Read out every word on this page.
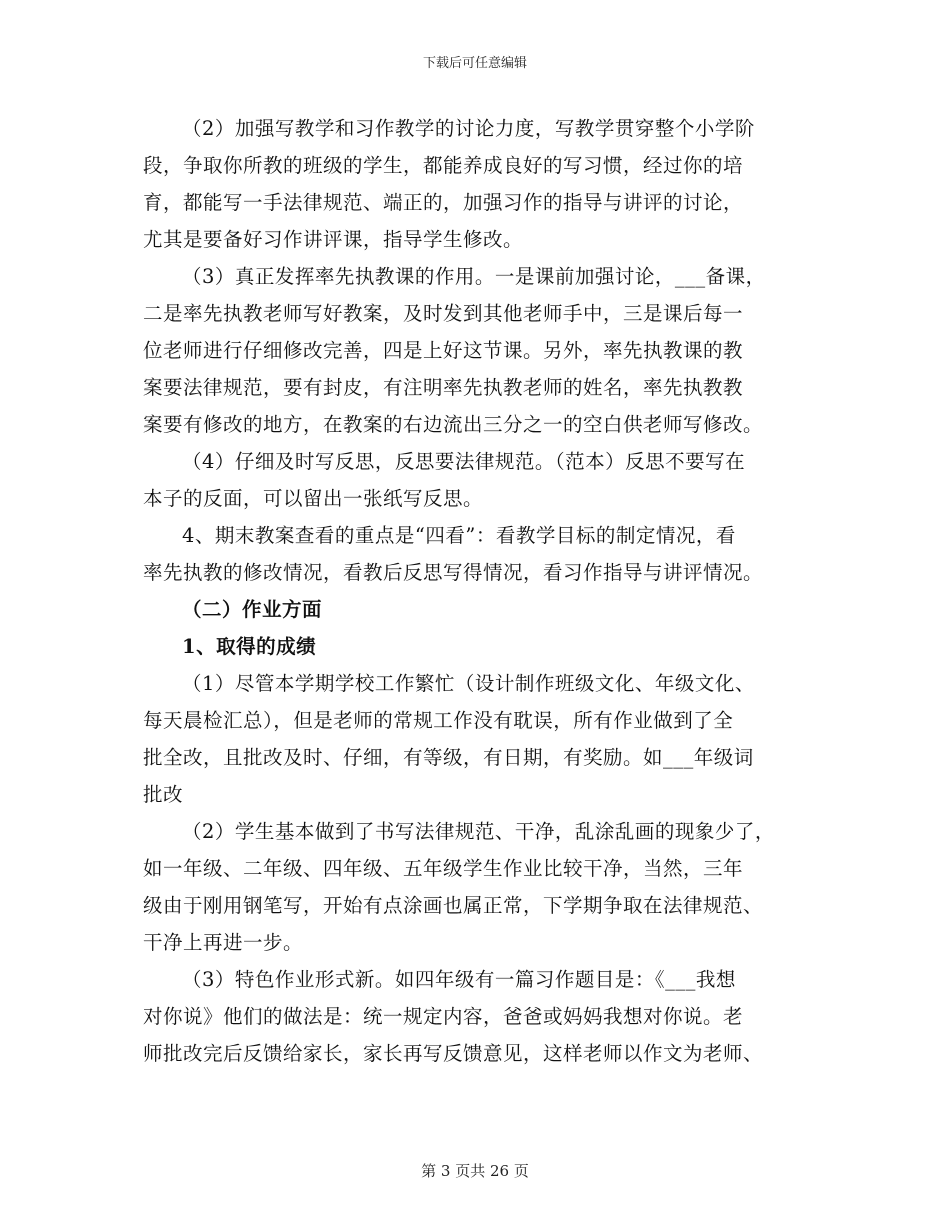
下载后可任意编辑
（2）加强写教学和习作教学的讨论力度，写教学贯穿整个小学阶
段，争取你所教的班级的学生，都能养成良好的写习惯，经过你的培
育，都能写一手法律规范、端正的，加强习作的指导与讲评的讨论，
尤其是要备好习作讲评课，指导学生修改。
（3）真正发挥率先执教课的作用。一是课前加强讨论，___备课，
二是率先执教老师写好教案，及时发到其他老师手中，三是课后每一
位老师进行仔细修改完善，四是上好这节课。另外，率先执教课的教
案要法律规范，要有封皮，有注明率先执教老师的姓名，率先执教教
案要有修改的地方，在教案的右边流出三分之一的空白供老师写修改。
（4）仔细及时写反思，反思要法律规范。（范本）反思不要写在
本子的反面，可以留出一张纸写反思。
4、期末教案查看的重点是“四看”：看教学目标的制定情况，看
率先执教的修改情况，看教后反思写得情况，看习作指导与讲评情况。
（二）作业方面
1、取得的成绩
（1）尽管本学期学校工作繁忙（设计制作班级文化、年级文化、
每天晨检汇总），但是老师的常规工作没有耽误，所有作业做到了全
批全改，且批改及时、仔细，有等级，有日期，有奖励。如___年级词
批改
（2）学生基本做到了书写法律规范、干净，乱涂乱画的现象少了，
如一年级、二年级、四年级、五年级学生作业比较干净，当然，三年
级由于刚用钢笔写，开始有点涂画也属正常，下学期争取在法律规范、
干净上再进一步。
（3）特色作业形式新。如四年级有一篇习作题目是：《___我想
对你说》他们的做法是：统一规定内容，爸爸或妈妈我想对你说。老
师批改完后反馈给家长，家长再写反馈意见，这样老师以作文为老师、
第 3 页共 26 页
